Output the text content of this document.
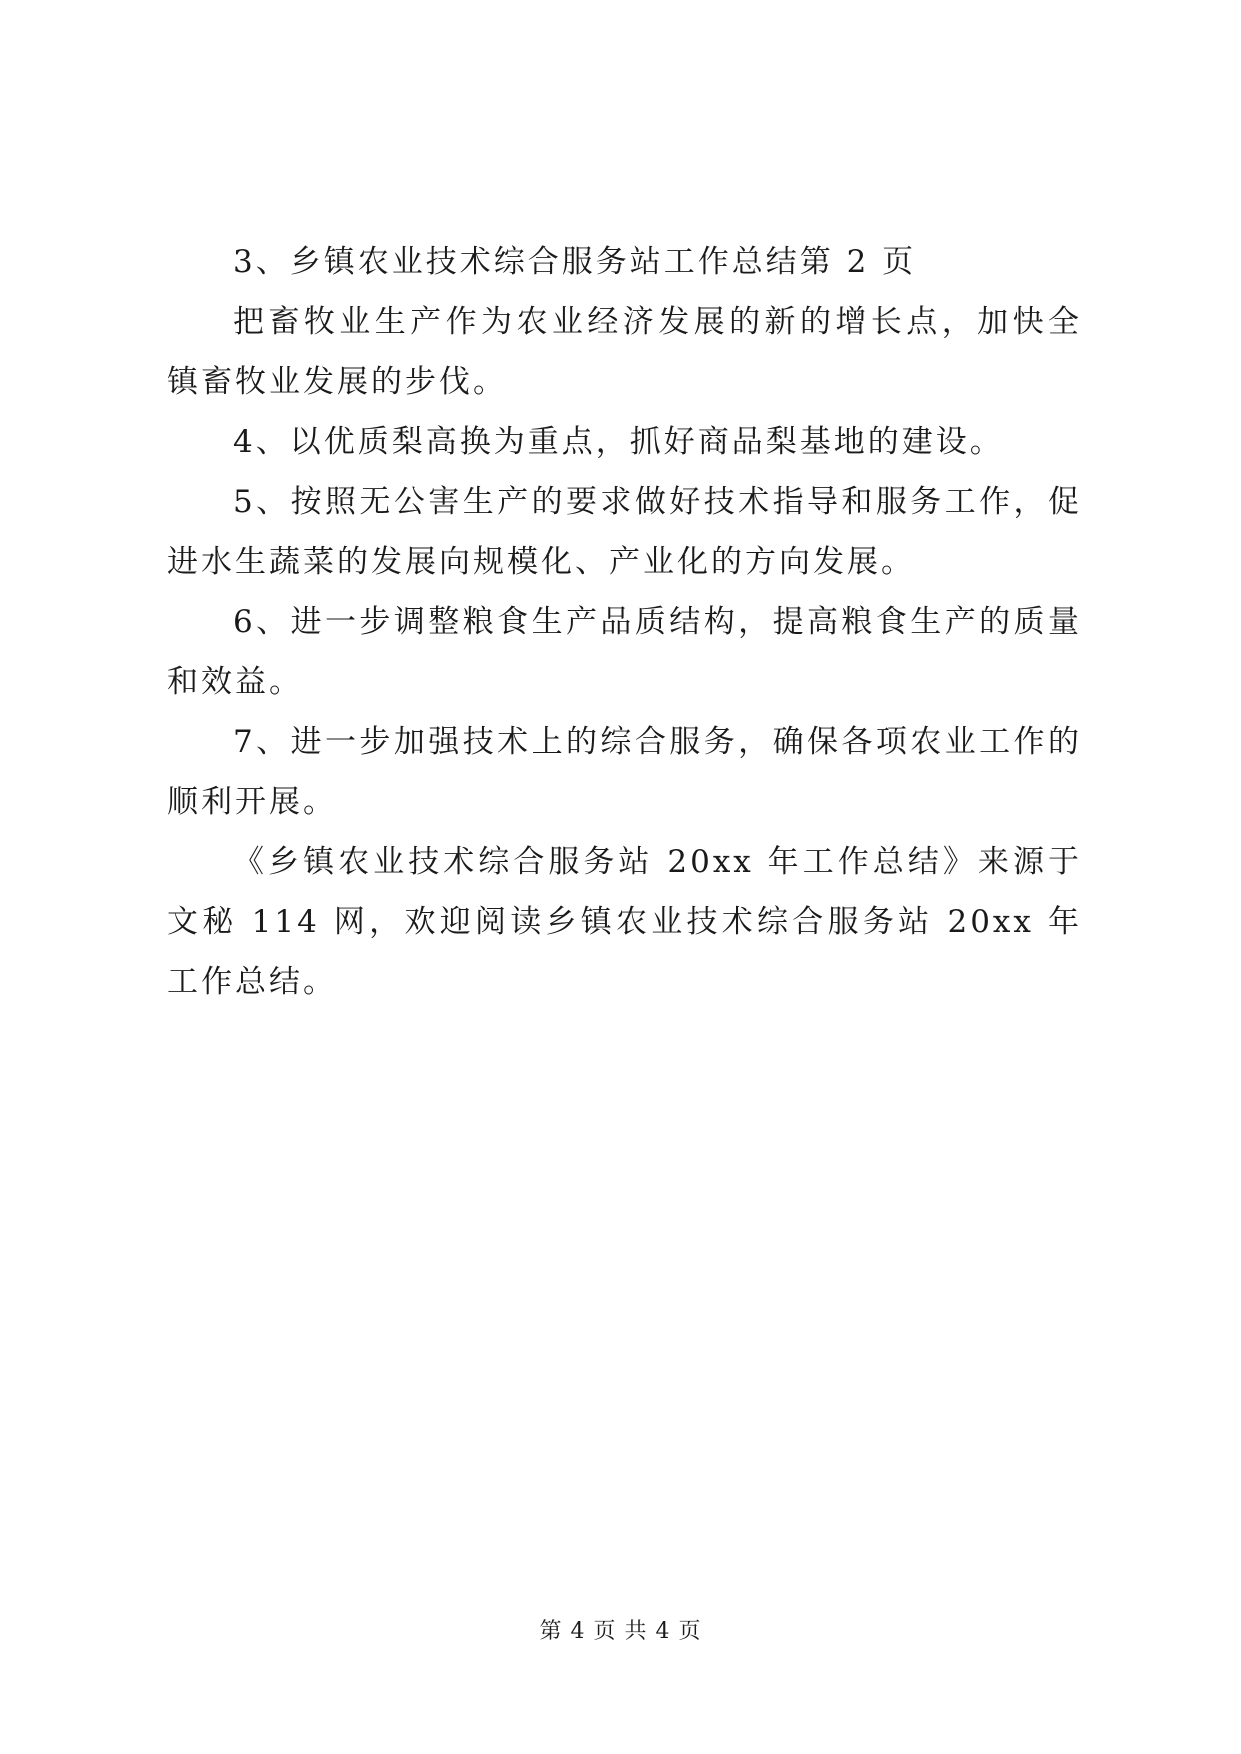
3、乡镇农业技术综合服务站工作总结第 2 页

把畜牧业生产作为农业经济发展的新的增长点，加快全镇畜牧业发展的步伐。

4、以优质梨高换为重点，抓好商品梨基地的建设。

5、按照无公害生产的要求做好技术指导和服务工作，促进水生蔬菜的发展向规模化、产业化的方向发展。

6、进一步调整粮食生产品质结构，提高粮食生产的质量和效益。

7、进一步加强技术上的综合服务，确保各项农业工作的顺利开展。

《乡镇农业技术综合服务站 20xx 年工作总结》来源于文秘 114 网，欢迎阅读乡镇农业技术综合服务站 20xx 年工作总结。

第 4 页 共 4 页
